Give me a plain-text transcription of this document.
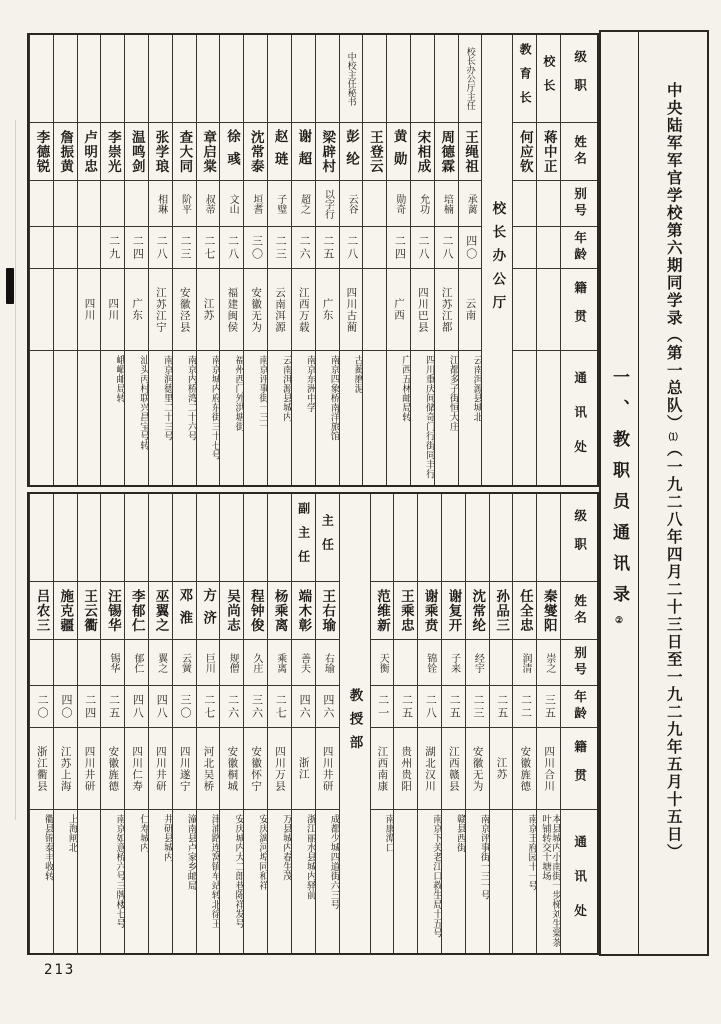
中央陆军军官学校第六期同学录（第一总队）⑴（一九二八年四月二十三日至一九二九年五月十五日）
一、教职员通讯录
②
级职
姓名
别号
年龄
籍贯
通讯处
校长
蒋中正
教育长
何应钦
校长办公厅
校长办公厅主任
王绳祖
承蓠
四〇
云南
云南洱源县城北
周德霖
培楠
二八
江苏江都
江都多子街恒大庄
宋相成
允功
二八
四川巴县
四川重庆间储奇门行街同丰行
黄勋
勋奇
二四
广西
广西五林邮局转
王登云
中校主任秘书
彭纶
云谷
二八
四川古蔺
古蔺磨泥
梁辟村
以字行
二五
广东
南京四象桥南洋旅馆
谢超
超之
二六
江西万载
南京东洲中学
赵琏
子璧
二三
云南洱源
云南洱源县城内
沈常泰
垣耆
三〇
安徽无为
南京评事街一三一
徐彧
文山
二八
福建闽侯
福州西门外洪塘街
章启棠
叔蒂
二七
江苏
南京城内府东街三十七号
查大同
阶平
二三
安徽泾县
南京内桥湾二十六号
张学琅
相琳
二八
江苏江宁
南京润德里二十三号
温鸣剑
二四
广东
汕头丙村联兴昌宝号转
李崇光
二九
四川
峨嵋邮局转
卢明忠
四川
詹振黄
李德锐
级职
姓名
别号
年龄
籍贯
通讯处
秦燮阳
崇之
三五
四川合川
本县城内小南街一步梯刘生棠茶叶铺转交十塘场
任全忠
润清
二二
安徽旌德
南京王府园十一号
孙品三
二五
江苏
沈常纶
经宇
二三
安徽无为
南京评事街一三一号
谢复开
子来
二五
江西赣县
赣县西街
谢乘贲
锦铨
二八
湖北汉川
南京下关老江口救生局十五号
王乘忠
二五
贵州贵阳
范维新
天衡
二一
江西南康
南康潭口
教授部
主任
王右瑜
右瑜
四六
四川井研
成都少城四道街六三号
副主任
端木彰
善夫
四六
浙江
浙江丽水县城内驿前
杨乘离
乘离
二七
四川万县
万县城内春生茂
程钟俊
久庄
三六
安徽怀宁
安庆漓河埠同和祥
吴尚志
规僧
二六
安徽桐城
安庆城内大二郎巷陈祥发号
方济
巨川
二七
河北吴桥
津浦路连窝镇车站转北徐王
邓淮
云黉
三〇
四川遂宁
潼南县卢家乡邮局
巫翼之
翼之
四八
四川井研
井研县城内
李郁仁
郁仁
四八
四川仁寿
仁寿城内
汪锡华
锡华
二五
安徽旌德
南京如意桥六号三牌楼七号
王云衢
二四
四川井研
施克疆
四〇
江苏上海
上海闸北
吕农三
二〇
浙江衢县
衢县锦泰丰收转
213
